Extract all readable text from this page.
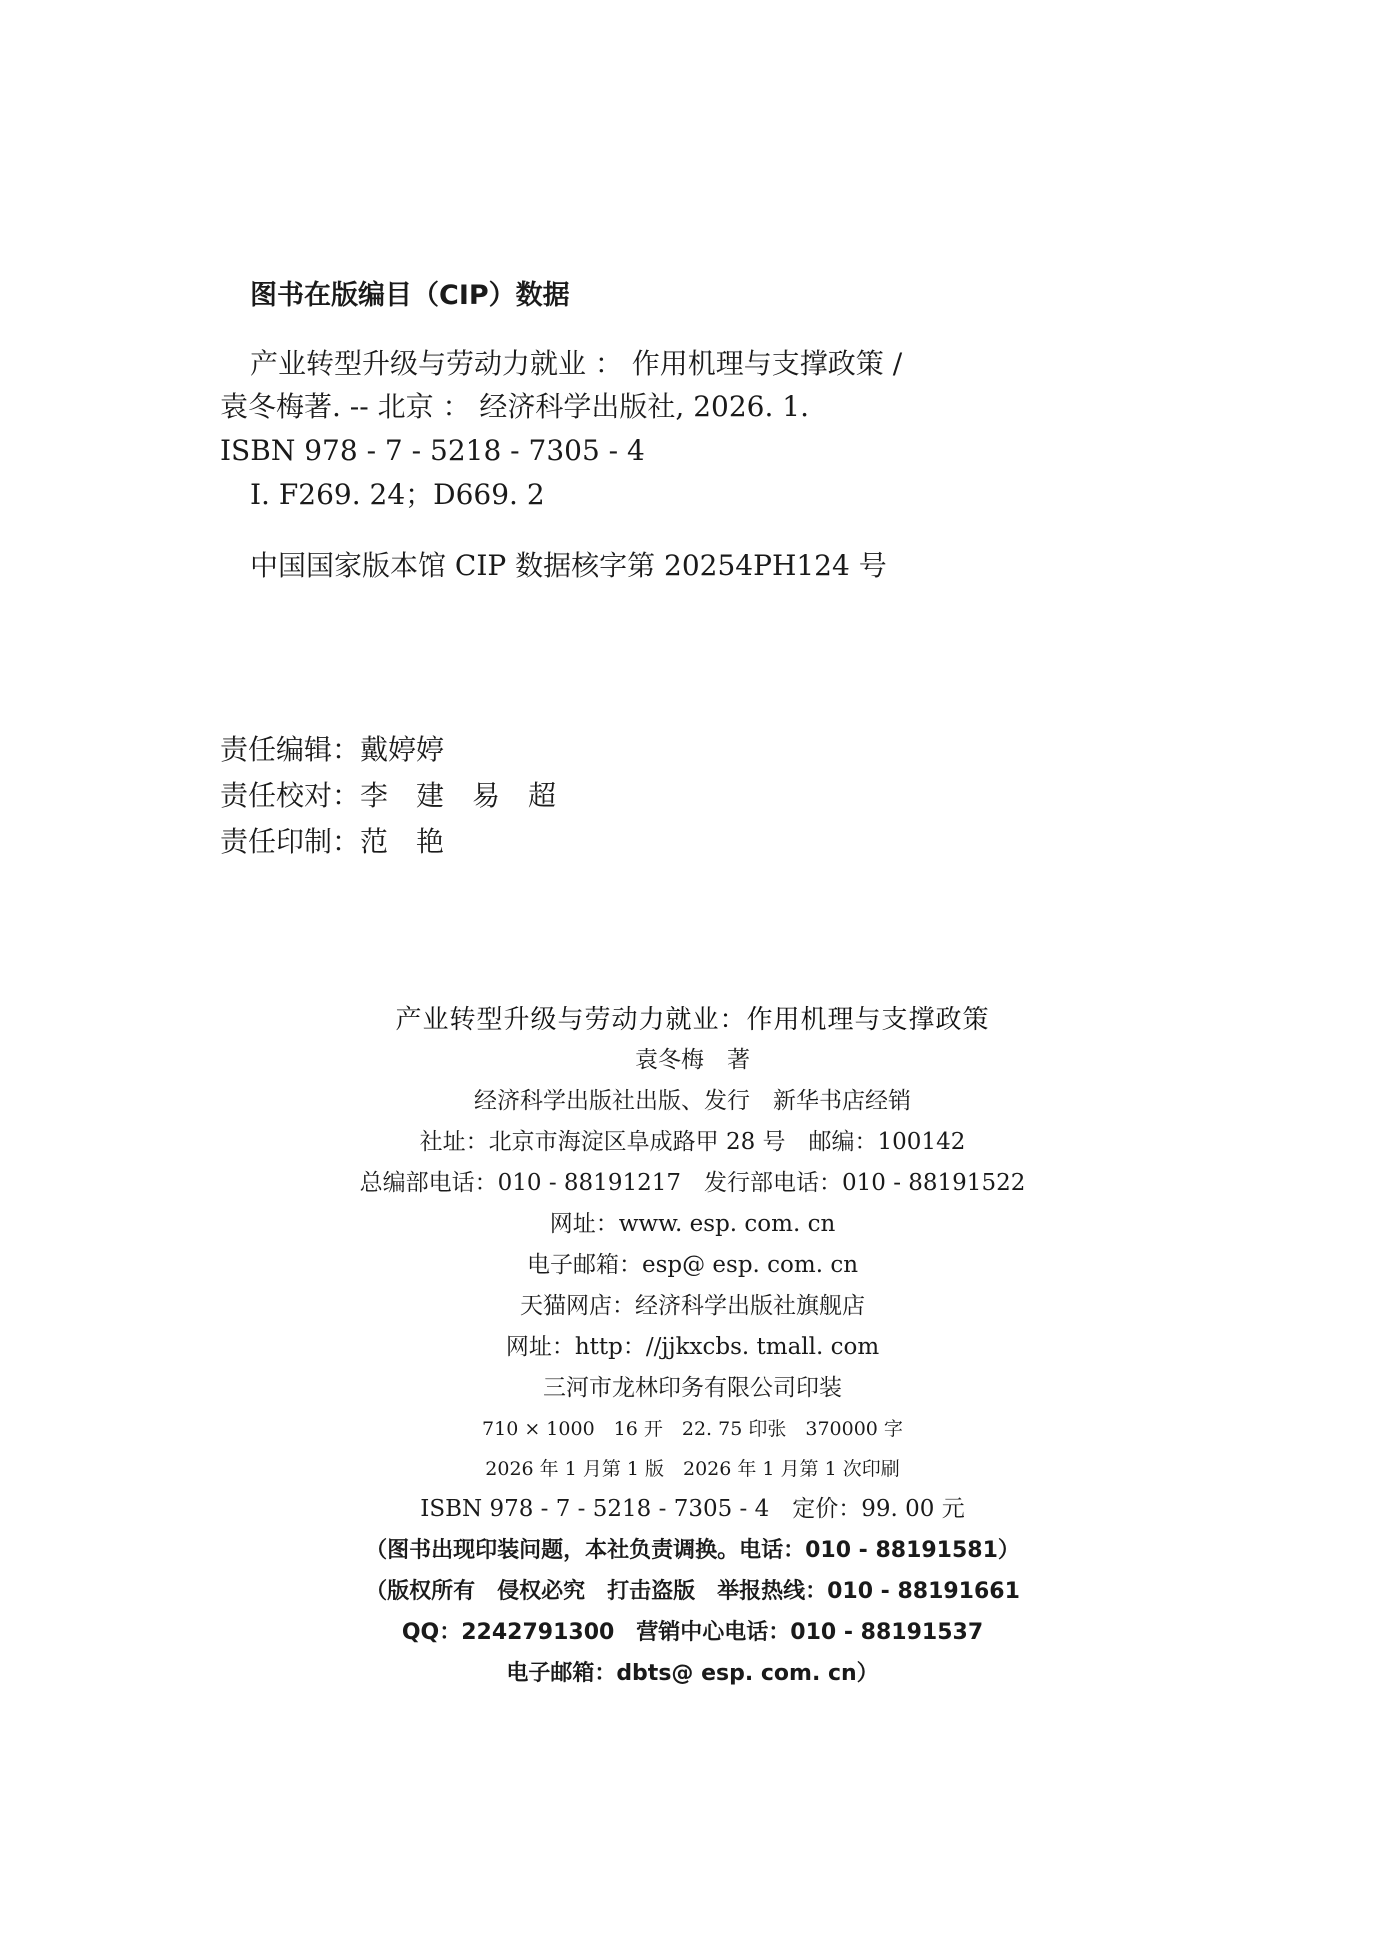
图书在版编目（CIP）数据
产业转型升级与劳动力就业 ： 作用机理与支撑政策 /
袁冬梅著. -- 北京 ： 经济科学出版社, 2026. 1.
ISBN 978 - 7 - 5218 - 7305 - 4
Ⅰ. F269. 24；D669. 2
中国国家版本馆 CIP 数据核字第 20254PH124 号
责任编辑：戴婷婷
责任校对：李　建　易　超
责任印制：范　艳
产业转型升级与劳动力就业：作用机理与支撑政策
袁冬梅　著
经济科学出版社出版、发行　新华书店经销
社址：北京市海淀区阜成路甲 28 号　邮编：100142
总编部电话：010 - 88191217　发行部电话：010 - 88191522
网址：www. esp. com. cn
电子邮箱：esp@ esp. com. cn
天猫网店：经济科学出版社旗舰店
网址：http：//jjkxcbs. tmall. com
三河市龙林印务有限公司印装
710 × 1000　16 开　22. 75 印张　370000 字
2026 年 1 月第 1 版　2026 年 1 月第 1 次印刷
ISBN 978 - 7 - 5218 - 7305 - 4　定价：99. 00 元
（图书出现印装问题，本社负责调换。电话：010 - 88191581）
（版权所有　侵权必究　打击盗版　举报热线：010 - 88191661
QQ：2242791300　营销中心电话：010 - 88191537
电子邮箱：dbts@ esp. com. cn）
